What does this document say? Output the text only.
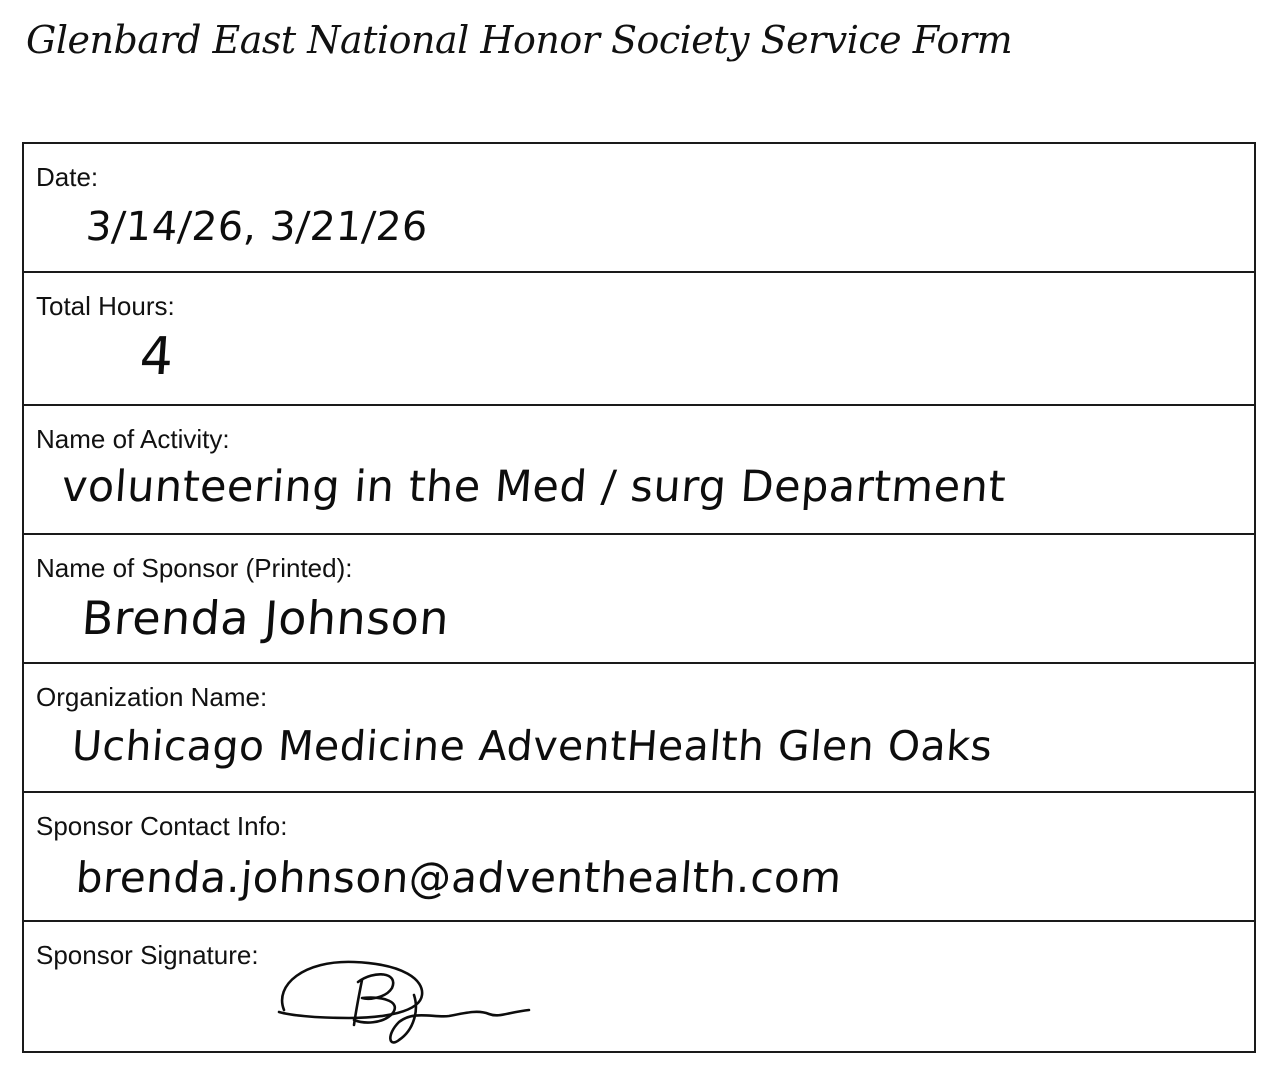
Glenbard East National Honor Society Service Form
Date:
3/14/26, 3/21/26
Total Hours:
4
Name of Activity:
volunteering in the Med / surg Department
Name of Sponsor (Printed):
Brenda Johnson
Organization Name:
Uchicago Medicine AdventHealth Glen Oaks
Sponsor Contact Info:
brenda.johnson@adventhealth.com
Sponsor Signature:
